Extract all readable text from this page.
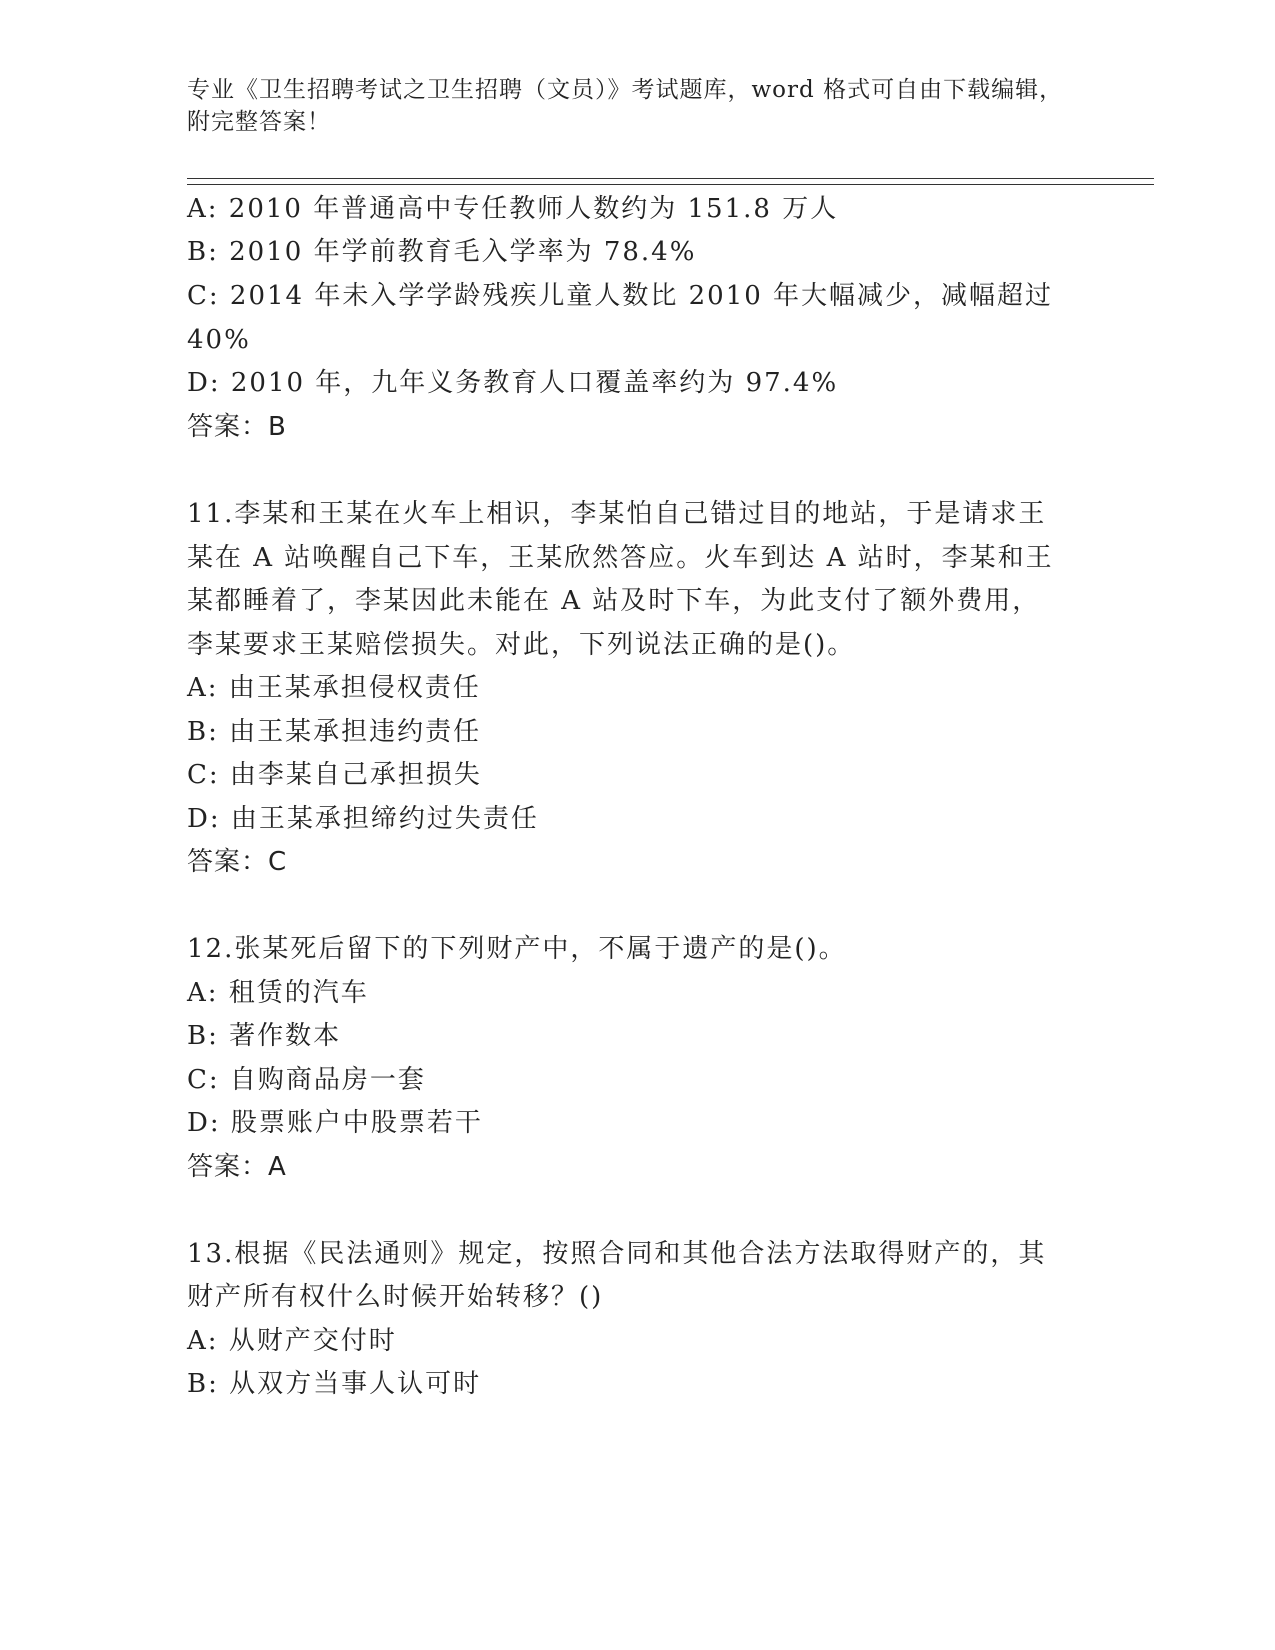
专业《卫生招聘考试之卫生招聘（文员）》考试题库，word 格式可自由下载编辑，附完整答案！
A: 2010 年普通高中专任教师人数约为 151.8 万人
B: 2010 年学前教育毛入学率为 78.4%
C: 2014 年未入学学龄残疾儿童人数比 2010 年大幅减少，减幅超过
40%
D: 2010 年，九年义务教育人口覆盖率约为 97.4%
答案：B
11.李某和王某在火车上相识，李某怕自己错过目的地站，于是请求王
某在 A 站唤醒自己下车，王某欣然答应。火车到达 A 站时，李某和王
某都睡着了，李某因此未能在 A 站及时下车，为此支付了额外费用，
李某要求王某赔偿损失。对此，下列说法正确的是()。
A: 由王某承担侵权责任
B: 由王某承担违约责任
C: 由李某自己承担损失
D: 由王某承担缔约过失责任
答案：C
12.张某死后留下的下列财产中，不属于遗产的是()。
A: 租赁的汽车
B: 著作数本
C: 自购商品房一套
D: 股票账户中股票若干
答案：A
13.根据《民法通则》规定，按照合同和其他合法方法取得财产的，其
财产所有权什么时候开始转移？()
A: 从财产交付时
B: 从双方当事人认可时
